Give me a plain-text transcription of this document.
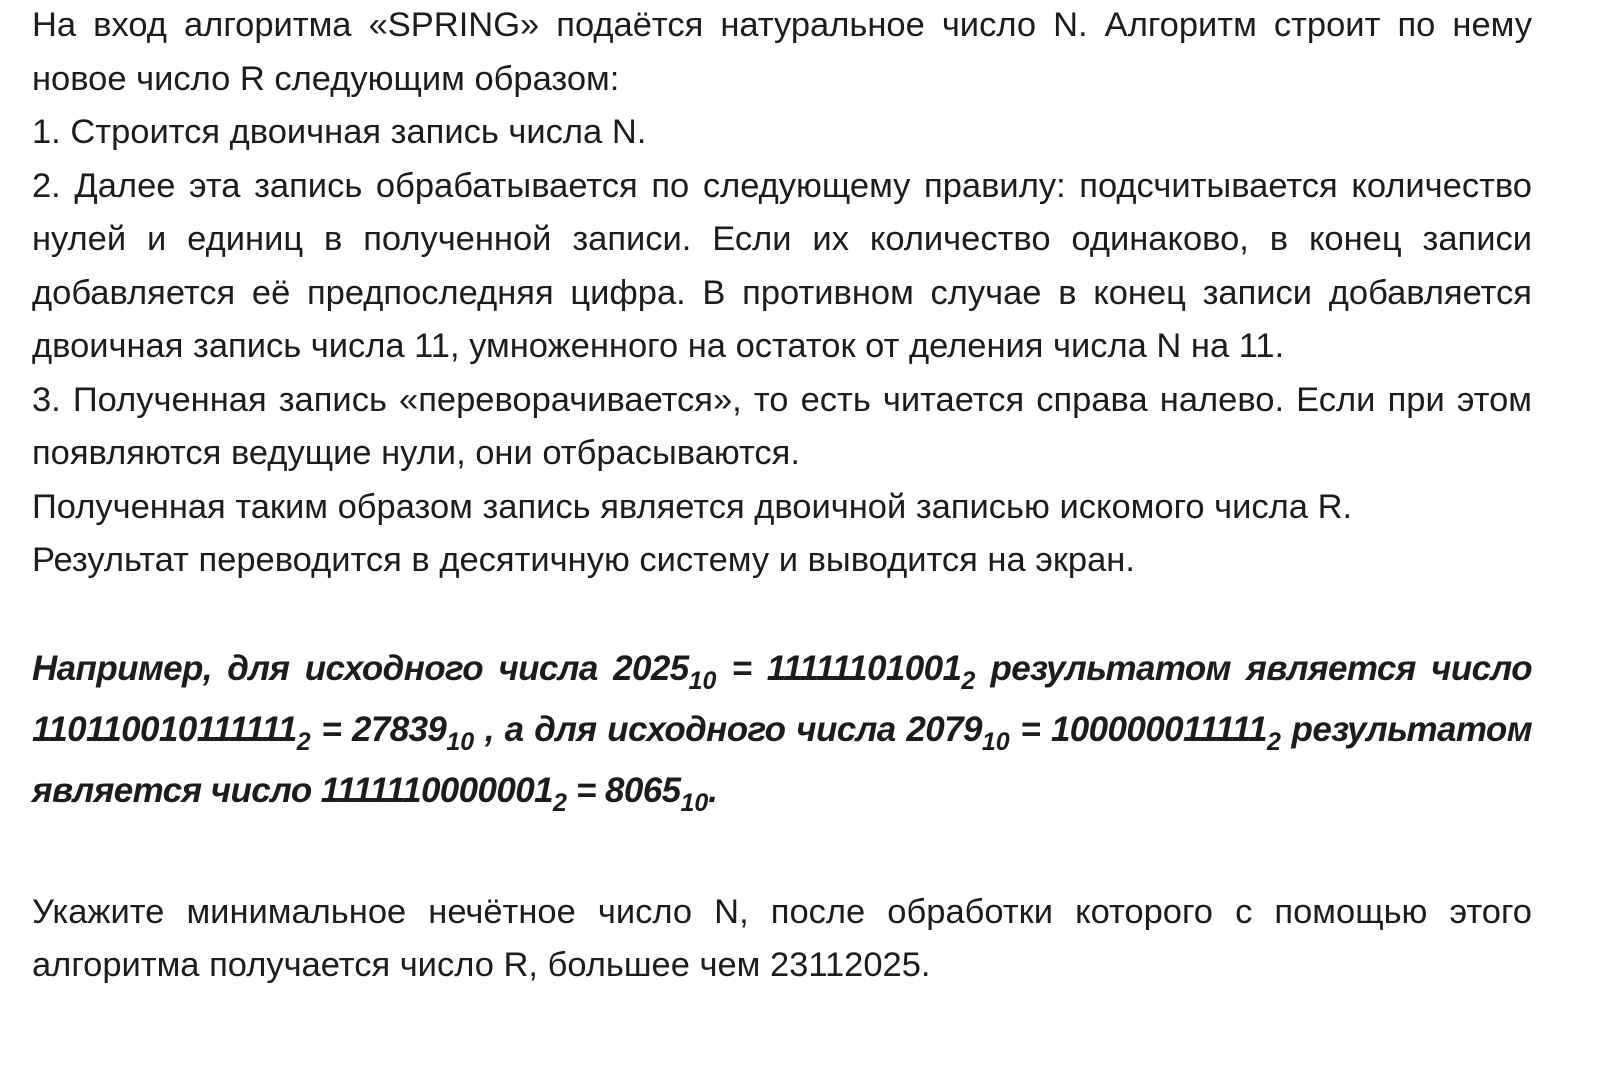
На вход алгоритма «SPRING» подаётся натуральное число N. Алгоритм строит по нему новое число R следующим образом:

1. Строится двоичная запись числа N.

2. Далее эта запись обрабатывается по следующему правилу: подсчитывается количество нулей и единиц в полученной записи. Если их количество одинаково, в конец записи добавляется её предпоследняя цифра. В противном случае в конец записи добавляется двоичная запись числа 11, умноженного на остаток от деления числа N на 11.

3. Полученная запись «переворачивается», то есть читается справа налево. Если при этом появляются ведущие нули, они отбрасываются.

Полученная таким образом запись является двоичной записью искомого числа R.

Результат переводится в десятичную систему и выводится на экран.

Например, для исходного числа $2025_{10} = 11111101001_2$ результатом является число $110110010111111_2 = 27839_{10}$ , а для исходного числа $2079_{10} = 100000011111_2$ результатом является число $1111110000001_2 = 8065_{10}$.

Укажите минимальное нечётное число N, после обработки которого с помощью этого алгоритма получается число R, большее чем 23112025.
